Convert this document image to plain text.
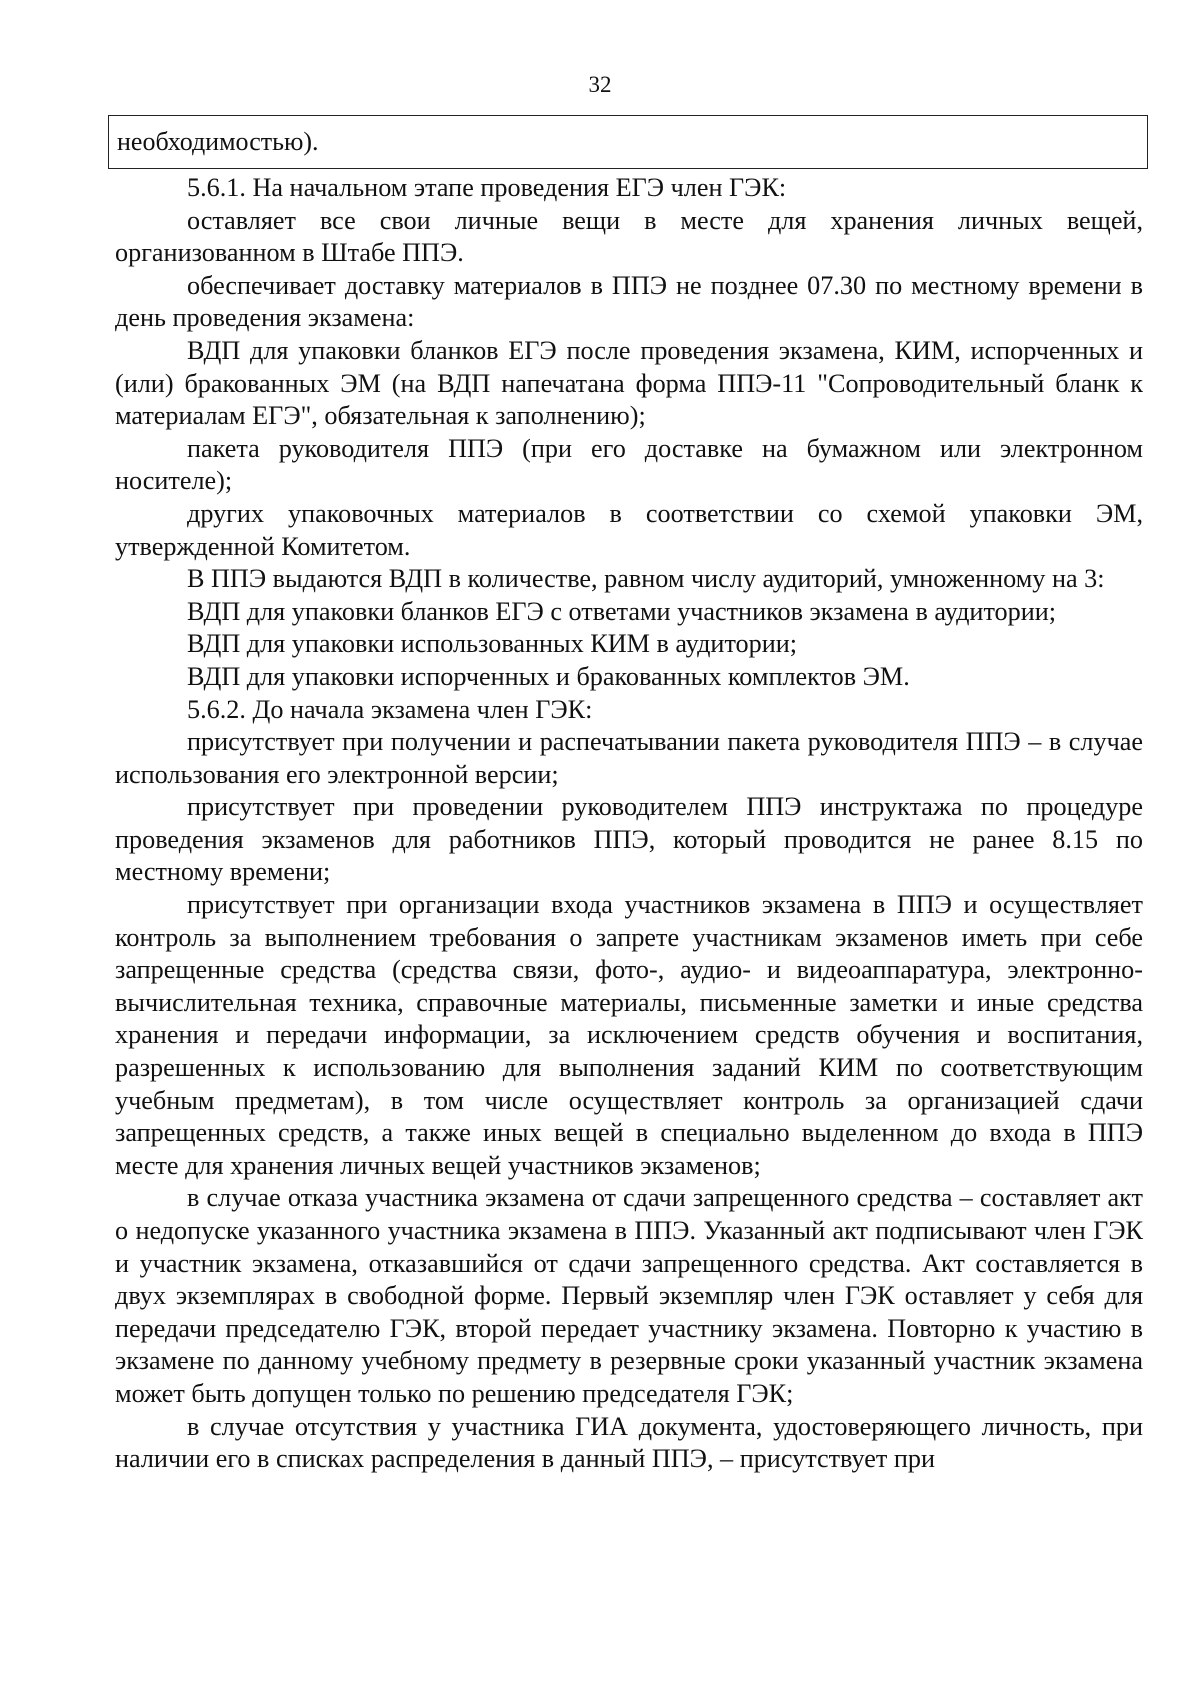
32
необходимостью).

5.6.1. На начальном этапе проведения ЕГЭ член ГЭК:

оставляет все свои личные вещи в месте для хранения личных вещей, организованном в Штабе ППЭ.

обеспечивает доставку материалов в ППЭ не позднее 07.30 по местному времени в день проведения экзамена:

ВДП для упаковки бланков ЕГЭ после проведения экзамена, КИМ, испорченных и (или) бракованных ЭМ (на ВДП напечатана форма ППЭ-11 "Сопроводительный бланк к материалам ЕГЭ", обязательная к заполнению);

пакета руководителя ППЭ (при его доставке на бумажном или электронном носителе);

других упаковочных материалов в соответствии со схемой упаковки ЭМ, утвержденной Комитетом.

В ППЭ выдаются ВДП в количестве, равном числу аудиторий, умноженному на 3:

ВДП для упаковки бланков ЕГЭ с ответами участников экзамена в аудитории;

ВДП для упаковки использованных КИМ в аудитории;

ВДП для упаковки испорченных и бракованных комплектов ЭМ.

5.6.2. До начала экзамена член ГЭК:

присутствует при получении и распечатывании пакета руководителя ППЭ – в случае использования его электронной версии;

присутствует при проведении руководителем ППЭ инструктажа по процедуре проведения экзаменов для работников ППЭ, который проводится не ранее 8.15 по местному времени;

присутствует при организации входа участников экзамена в ППЭ и осуществляет контроль за выполнением требования о запрете участникам экзаменов иметь при себе запрещенные средства (средства связи, фото-, аудио- и видеоаппаратура, электронно-вычислительная техника, справочные материалы, письменные заметки и иные средства хранения и передачи информации, за исключением средств обучения и воспитания, разрешенных к использованию для выполнения заданий КИМ по соответствующим учебным предметам), в том числе осуществляет контроль за организацией сдачи запрещенных средств, а также иных вещей в специально выделенном до входа в ППЭ месте для хранения личных вещей участников экзаменов;

в случае отказа участника экзамена от сдачи запрещенного средства – составляет акт о недопуске указанного участника экзамена в ППЭ. Указанный акт подписывают член ГЭК и участник экзамена, отказавшийся от сдачи запрещенного средства. Акт составляется в двух экземплярах в свободной форме. Первый экземпляр член ГЭК оставляет у себя для передачи председателю ГЭК, второй передает участнику экзамена. Повторно к участию в экзамене по данному учебному предмету в резервные сроки указанный участник экзамена может быть допущен только по решению председателя ГЭК;

в случае отсутствия у участника ГИА документа, удостоверяющего личность, при наличии его в списках распределения в данный ППЭ, – присутствует при
